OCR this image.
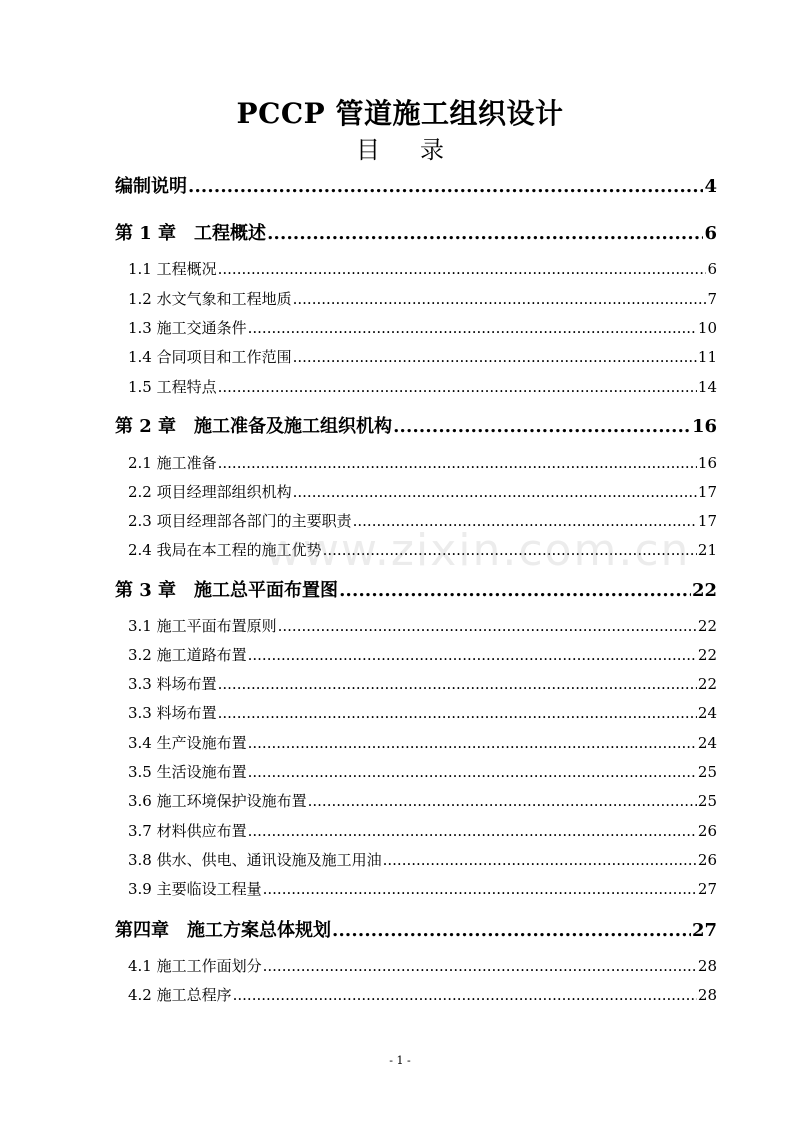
PCCP 管道施工组织设计
目 录
编制说明 .....	4
第 1 章　工程概述 .....	6
1.1 工程概况 .....	6
1.2 水文气象和工程地质 .....	7
1.3 施工交通条件 .....	10
1.4 合同项目和工作范围 .....	11
1.5 工程特点 .....	14
第 2 章　施工准备及施工组织机构 .....	16
2.1 施工准备 .....	16
2.2 项目经理部组织机构 .....	17
2.3 项目经理部各部门的主要职责 .....	17
2.4 我局在本工程的施工优势 .....	21
第 3 章　施工总平面布置图 .....	22
3.1 施工平面布置原则 .....	22
3.2 施工道路布置 .....	22
3.3 料场布置 .....	22
3.3 料场布置 .....	24
3.4 生产设施布置 .....	24
3.5 生活设施布置 .....	25
3.6 施工环境保护设施布置 .....	25
3.7 材料供应布置 .....	26
3.8 供水、供电、通讯设施及施工用油 .....	26
3.9 主要临设工程量 .....	27
第四章　施工方案总体规划 .....	27
4.1 施工工作面划分 .....	28
4.2 施工总程序 .....	28
www.zixin.com.cn
- 1 -
